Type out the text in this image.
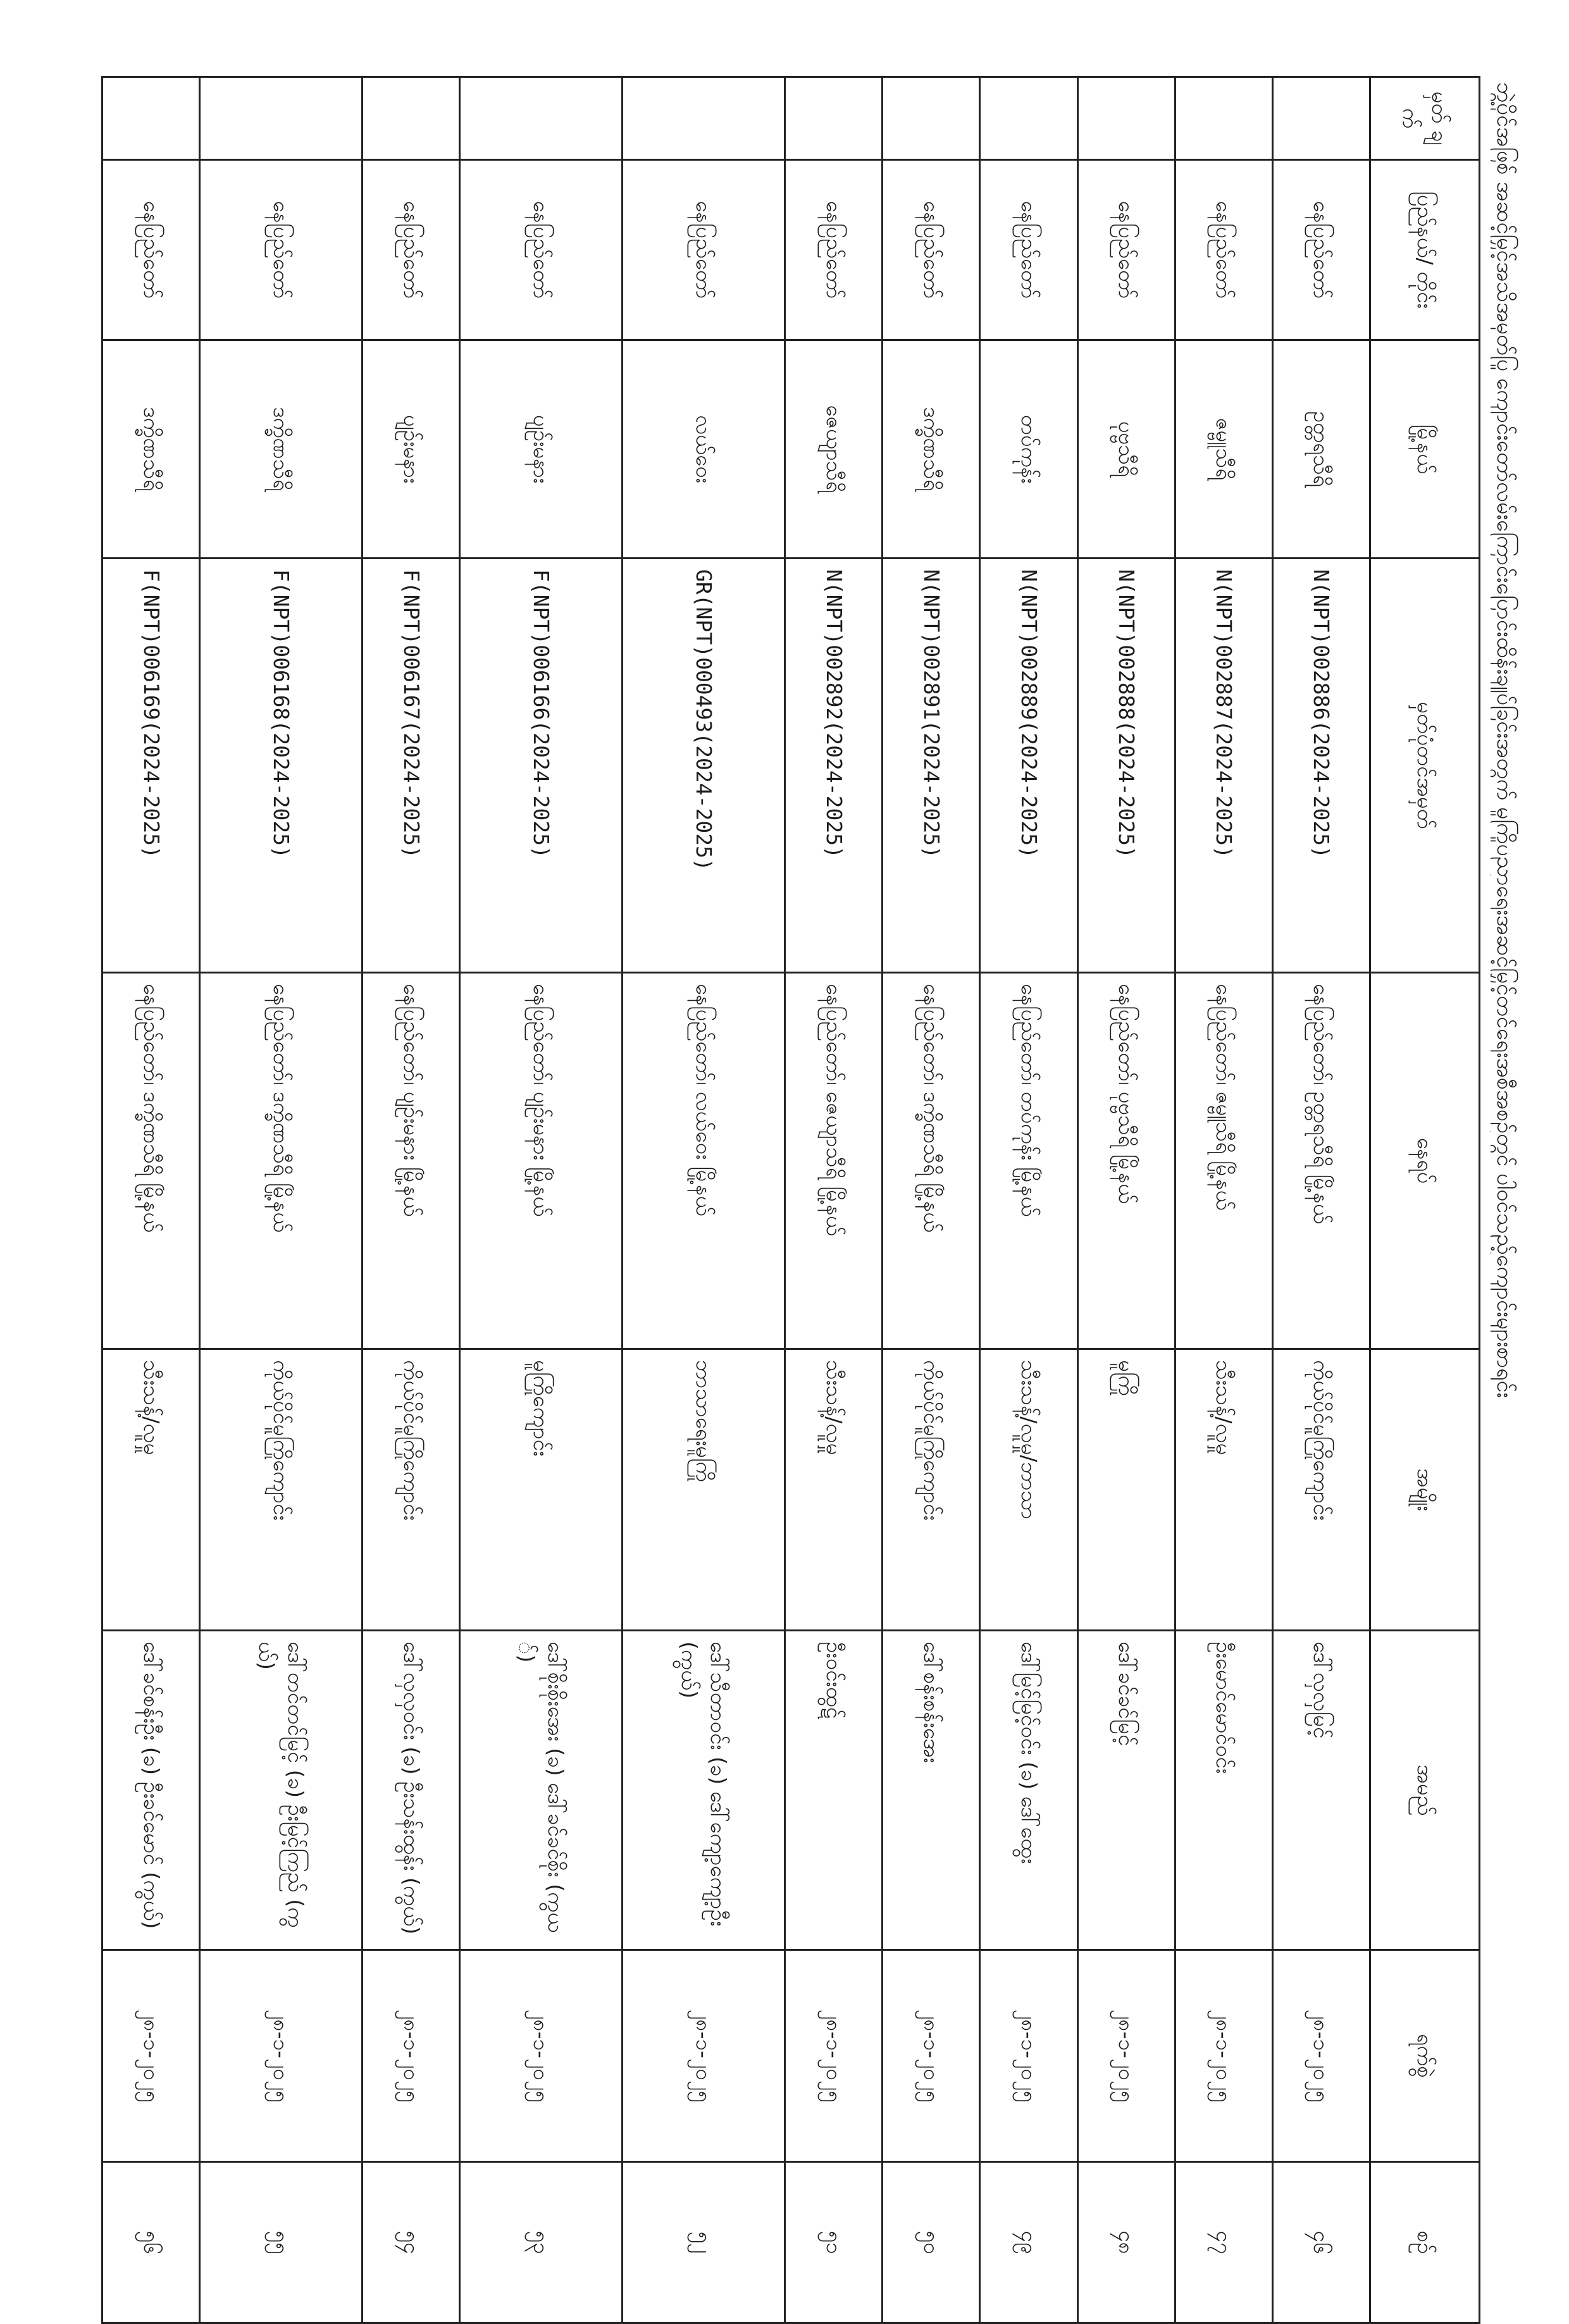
ဘွဲ့ပိုင်အဖြစ် အဆင့်မြှင့်အသိအမှတ်ပြု ကျောင်းတော်လမ်းကြောင်းပြောင်းထိန်းချုပ်ခြင်းအတွက် မူကြိုပညာရေးအဆင့်မြှင့်တင်ရေးအစီအစဉ်တွင် ပါဝင်သည့်ကျောင်းများစာရင်း
မှတ် ချက်	ပြည်နယ်/ တိုင်း	မြို့နယ်	မှတ်ပုံတင်အမှတ်	နေရပ်	အမျိုး	အမည်	ရက်စွဲ	စဉ်
	နေပြည်တော်	ဥတ္တရသီရိ	N(NPT)002886(2024-2025)	နေပြည်တော်၊ ဥတ္တရသီရိ မြို့နယ်	ကိုယ်ပိုင်မူကြိုကျောင်း	ဒေါ်လှလှမြင့်	၂၈-၁-၂၀၂၅	၄၆
	နေပြည်တော်	ဇမ္ဗူသီရိ	N(NPT)002887(2024-2025)	နေပြည်တော်၊ ဇမ္ဗူသီရိ မြို့နယ်	သီးသန့်/လူမှု	ဦးမောင်မောင်ဝင်း	၂၈-၁-၂၀၂၅	၄၇
	နေပြည်တော်	ပုဗ္ဗသီရိ	N(NPT)002888(2024-2025)	နေပြည်တော်၊ ပုဗ္ဗသီရိ မြို့နယ်	မူကြို	ဒေါ်ခင်ခင်မြင့်	၂၈-၁-၂၀၂၅	၄၈
	နေပြည်တော်	တပ်ကုန်း	N(NPT)002889(2024-2025)	နေပြည်တော်၊ တပ်ကုန်း မြို့နယ်	သီးသန့်/လူမှု/ဘာသာ	ဒေါ်မြင့်မြင့်ဝင်း (ခ) ဒေါ်ထွေး	၂၈-၁-၂၀၂၅	၄၉
	နေပြည်တော်	ဒက္ခိဏသီရိ	N(NPT)002891(2024-2025)	နေပြည်တော်၊ ဒက္ခိဏသီရိ မြို့နယ်	ကိုယ်ပိုင်မူကြိုကျောင်း	ဒေါ်စန်းစန်းအေး	၂၈-၁-၂၀၂၅	၅၀
	နေပြည်တော်	ဇေယျာသီရိ	N(NPT)002892(2024-2025)	နေပြည်တော်၊ ဇေယျာသီရိ မြို့နယ်	သီးသန့်/လူမှု	ဦးဝင်းထွဋ်	၂၈-၁-၂၀၂၅	၅၁
	နေပြည်တော်	လယ်ဝေး	GR(NPT)000493(2024-2025)	နေပြည်တော်၊ လယ်ဝေး မြို့နယ်	ဘာသာရေးမူကြို	ဒေါ်သီတာဝင်း (ခ) ဒေါ်ကျော့ကျော့ဦး (ကွယ်)	၂၈-၁-၂၀၂၅	၅၂
	နေပြည်တော်	ပျဉ်းမနား	F(NPT)006166(2024-2025)	နေပြည်တော်၊ ပျဉ်းမနား မြို့နယ်	မူကြိုကျောင်း	ဒေါ်စိုးစိုးအေး (ခ) ဒေါ်ခင်ခင်စိုး (ကွယ်)	၂၈-၁-၂၀၂၅	၅၃
	နေပြည်တော်	ပျဉ်းမနား	F(NPT)006167(2024-2025)	နေပြည်တော်၊ ပျဉ်းမနား မြို့နယ်	ကိုယ်ပိုင်မူကြိုကျောင်း	ဒေါ်လှလှဝင်း (ခ) ဦးသန်းထွန်း (ကွယ်)	၂၈-၁-၂၀၂၅	၅၄
	နေပြည်တော်	ဒက္ခိဏသီရိ	F(NPT)006168(2024-2025)	နေပြည်တော်၊ ဒက္ခိဏသီရိ မြို့နယ်	ကိုယ်ပိုင်မူကြိုကျောင်း	ဒေါ်တင်တင်မြင့် (ခ) ဦးမြင့်ကြည် (ကွယ်)	၂၈-၁-၂၀၂၅	၅၅
	နေပြည်တော်	ဒက္ခိဏသီရိ	F(NPT)006169(2024-2025)	နေပြည်တော်၊ ဒက္ခိဏသီရိ မြို့နယ်	သီးသန့်/လူမှု	ဒေါ်ခင်စန်းဦး (ခ) ဦးခင်မောင် (ကွယ်)	၂၈-၁-၂၀၂၅	၅၆
